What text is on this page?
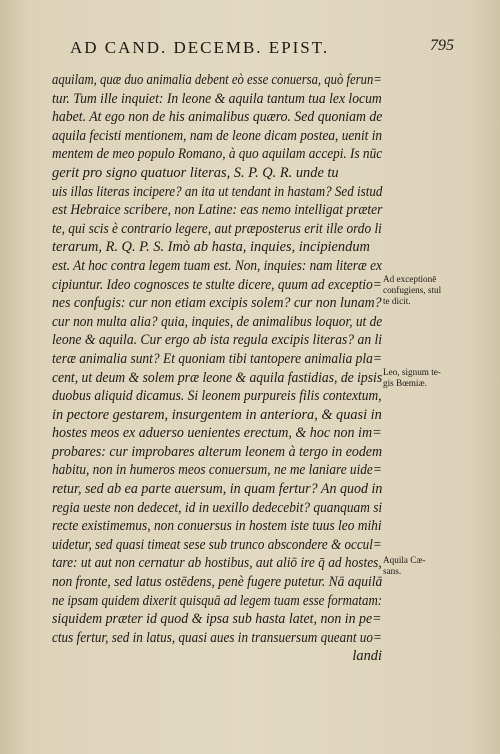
AD CAND. DECEMB. EPIST.	795
aquilam, quæ duo animalia debent eò esse conuersa, quò ferun=
tur. Tum ille inquiet: In leone & aquila tantum tua lex locum
habet. At ego non de his animalibus quæro. Sed quoniam de
aquila fecisti mentionem, nam de leone dicam postea, uenit in
mentem de meo populo Romano, à quo aquilam accepi. Is nūc
gerit pro signo quatuor literas, S. P. Q. R. unde tu
uis illas literas incipere? an ita ut tendant in hastam? Sed istud
est Hebraice scribere, non Latine: eas nemo intelligat præter
te, qui scis è contrario legere, aut præposterus erit ille ordo li
terarum, R. Q. P. S. Imò ab hasta, inquies, incipiendum
est. At hoc contra legem tuam est. Non, inquies: nam literæ ex
cipiuntur. Ideo cognosces te stulte dicere, quum ad exceptio=
nes confugis: cur non etiam excipis solem? cur non lunam?
cur non multa alia? quia, inquies, de animalibus loquor, ut de
leone & aquila. Cur ergo ab ista regula excipis literas? an li
teræ animalia sunt? Et quoniam tibi tantopere animalia pla=
cent, ut deum & solem præ leone & aquila fastidias, de ipsis
duobus aliquid dicamus. Si leonem purpureis filis contextum,
in pectore gestarem, insurgentem in anteriora, & quasi in
hostes meos ex aduerso uenientes erectum, & hoc non im=
probares: cur improbares alterum leonem à tergo in eodem
habitu, non in humeros meos conuersum, ne me laniare uide=
retur, sed ab ea parte auersum, in quam fertur? An quod in
regia ueste non dedecet, id in uexillo dedecebit? quanquam si
recte existimemus, non conuersus in hostem iste tuus leo mihi
uidetur, sed quasi timeat sese sub trunco abscondere & occul=
tare: ut aut non cernatur ab hostibus, aut aliō ire q̄ ad hostes,
non fronte, sed latus ostēdens, penè fugere putetur. Nā aquilā
ne ipsam quidem dixerit quisquā ad legem tuam esse formatam:
siquidem præter id quod & ipsa sub hasta latet, non in pe=
ctus fertur, sed in latus, quasi aues in transuersum queant uo=
landi
Ad exceptionē
confugiens, stul
te dicit.
Leo, signum te-
gis Bœmiæ.
Aquila Cæ-
sans.
